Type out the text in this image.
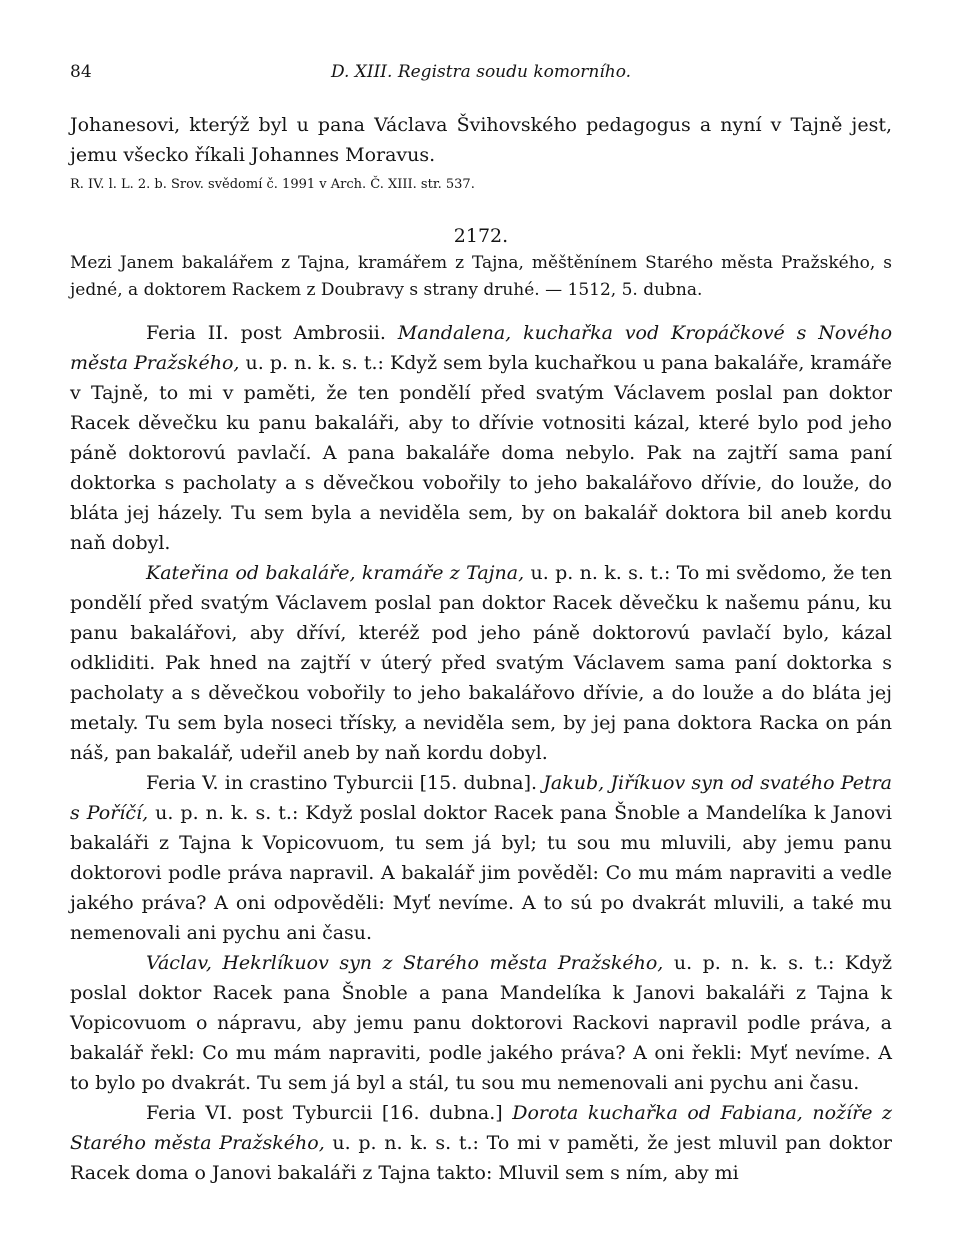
84	D. XIII. Registra soudu komorního.

Johanesovi, kterýž byl u pana Václava Švihovského pedagogus a nyní v Tajně jest, jemu všecko říkali Johannes Moravus.

R. IV. l. L. 2. b. Srov. svědomí č. 1991 v Arch. Č. XIII. str. 537.

2172.

Mezi Janem bakalářem z Tajna, kramářem z Tajna, měštěnínem Starého města Pražského, s jedné, a doktorem Rackem z Doubravy s strany druhé. — 1512, 5. dubna.

Feria II. post Ambrosii. Mandalena, kuchařka vod Kropáčkové s Nového města Pražského, u. p. n. k. s. t.: Když sem byla kuchařkou u pana bakaláře, kramáře v Tajně, to mi v paměti, že ten pondělí před svatým Václavem poslal pan doktor Racek děvečku ku panu bakaláři, aby to dřívie votnositi kázal, které bylo pod jeho páně doktorovú pavlačí. A pana bakaláře doma nebylo. Pak na zajtří sama paní doktorka s pacholaty a s děvečkou vobořily to jeho bakalářovo dřívie, do louže, do bláta jej házely. Tu sem byla a neviděla sem, by on bakalář doktora bil aneb kordu naň dobyl.

Kateřina od bakaláře, kramáře z Tajna, u. p. n. k. s. t.: To mi svědomo, že ten pondělí před svatým Václavem poslal pan doktor Racek děvečku k našemu pánu, ku panu bakalářovi, aby dříví, kteréž pod jeho páně doktorovú pavlačí bylo, kázal odkliditi. Pak hned na zajtří v úterý před svatým Václavem sama paní doktorka s pacholaty a s děvečkou vobořily to jeho bakalářovo dřívie, a do louže a do bláta jej metaly. Tu sem byla noseci třísky, a neviděla sem, by jej pana doktora Racka on pán náš, pan bakalář, udeřil aneb by naň kordu dobyl.

Feria V. in crastino Tyburcii [15. dubna]. Jakub, Jiříkuov syn od svatého Petra s Poříčí, u. p. n. k. s. t.: Když poslal doktor Racek pana Šnoble a Mandelíka k Janovi bakaláři z Tajna k Vopicovuom, tu sem já byl; tu sou mu mluvili, aby jemu panu doktorovi podle práva napravil. A bakalář jim pověděl: Co mu mám napraviti a vedle jakého práva? A oni odpověděli: Myť nevíme. A to sú po dvakrát mluvili, a také mu nemenovali ani pychu ani času.

Václav, Hekrlíkuov syn z Starého města Pražského, u. p. n. k. s. t.: Když poslal doktor Racek pana Šnoble a pana Mandelíka k Janovi bakaláři z Tajna k Vopicovuom o nápravu, aby jemu panu doktorovi Rackovi napravil podle práva, a bakalář řekl: Co mu mám napraviti, podle jakého práva? A oni řekli: Myť nevíme. A to bylo po dvakrát. Tu sem já byl a stál, tu sou mu nemenovali ani pychu ani času.

Feria VI. post Tyburcii [16. dubna.] Dorota kuchařka od Fabiana, nožíře z Starého města Pražského, u. p. n. k. s. t.: To mi v paměti, že jest mluvil pan doktor Racek doma o Janovi bakaláři z Tajna takto: Mluvil sem s ním, aby mi
